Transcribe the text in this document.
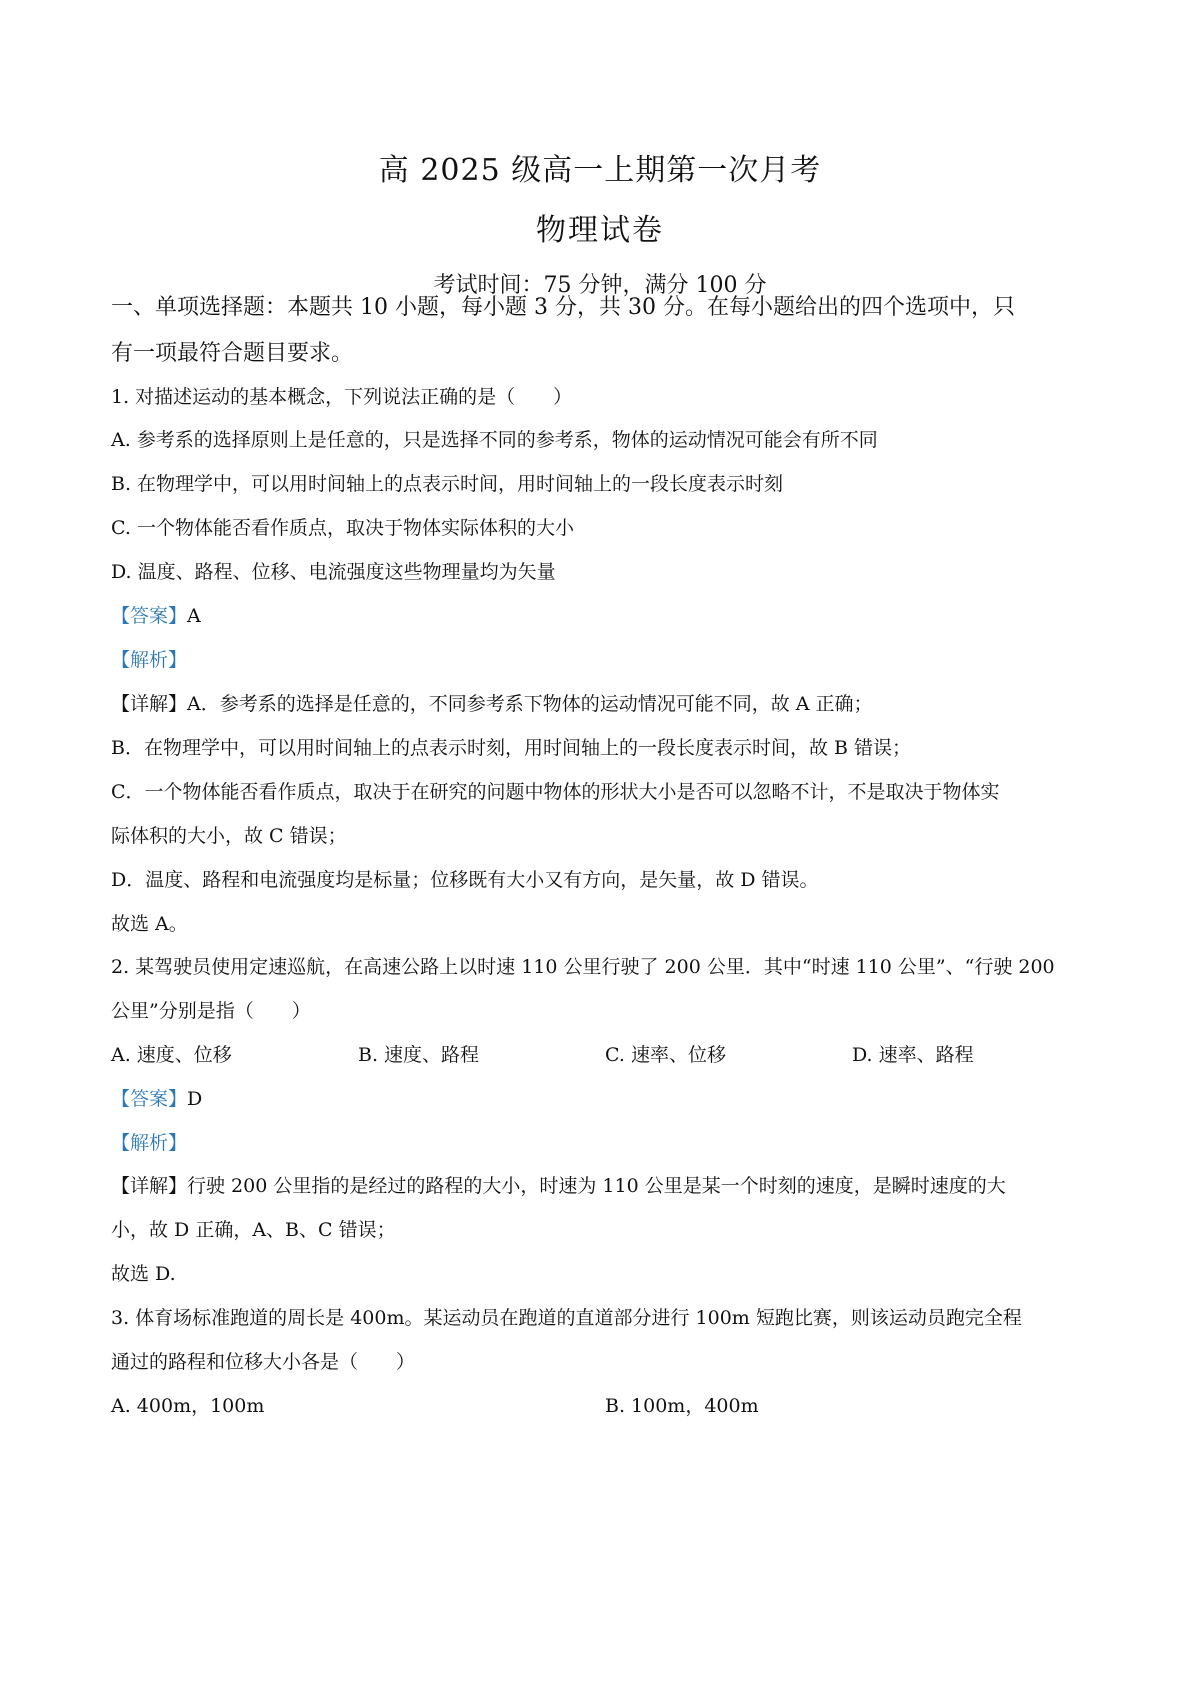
高 2025 级高一上期第一次月考
物理试卷
考试时间：75 分钟，满分 100 分
一、单项选择题：本题共 10 小题，每小题 3 分，共 30 分。在每小题给出的四个选项中，只
有一项最符合题目要求。
1. 对描述运动的基本概念，下列说法正确的是（　　）
A. 参考系的选择原则上是任意的，只是选择不同的参考系，物体的运动情况可能会有所不同
B. 在物理学中，可以用时间轴上的点表示时间，用时间轴上的一段长度表示时刻
C. 一个物体能否看作质点，取决于物体实际体积的大小
D. 温度、路程、位移、电流强度这些物理量均为矢量
【答案】A
【解析】
【详解】A．参考系的选择是任意的，不同参考系下物体的运动情况可能不同，故 A 正确；
B．在物理学中，可以用时间轴上的点表示时刻，用时间轴上的一段长度表示时间，故 B 错误；
C．一个物体能否看作质点，取决于在研究的问题中物体的形状大小是否可以忽略不计，不是取决于物体实
际体积的大小，故 C 错误；
D．温度、路程和电流强度均是标量；位移既有大小又有方向，是矢量，故 D 错误。
故选 A。
2. 某驾驶员使用定速巡航，在高速公路上以时速 110 公里行驶了 200 公里．其中“时速 110 公里”、“行驶 200
公里”分别是指（　　）
A. 速度、位移	B. 速度、路程	C. 速率、位移	D. 速率、路程
【答案】D
【解析】
【详解】行驶 200 公里指的是经过的路程的大小，时速为 110 公里是某一个时刻的速度，是瞬时速度的大
小，故 D 正确，A、B、C 错误；
故选 D.
3. 体育场标准跑道的周长是 400m。某运动员在跑道的直道部分进行 100m 短跑比赛，则该运动员跑完全程
通过的路程和位移大小各是（　　）
A. 400m，100m	B. 100m，400m
